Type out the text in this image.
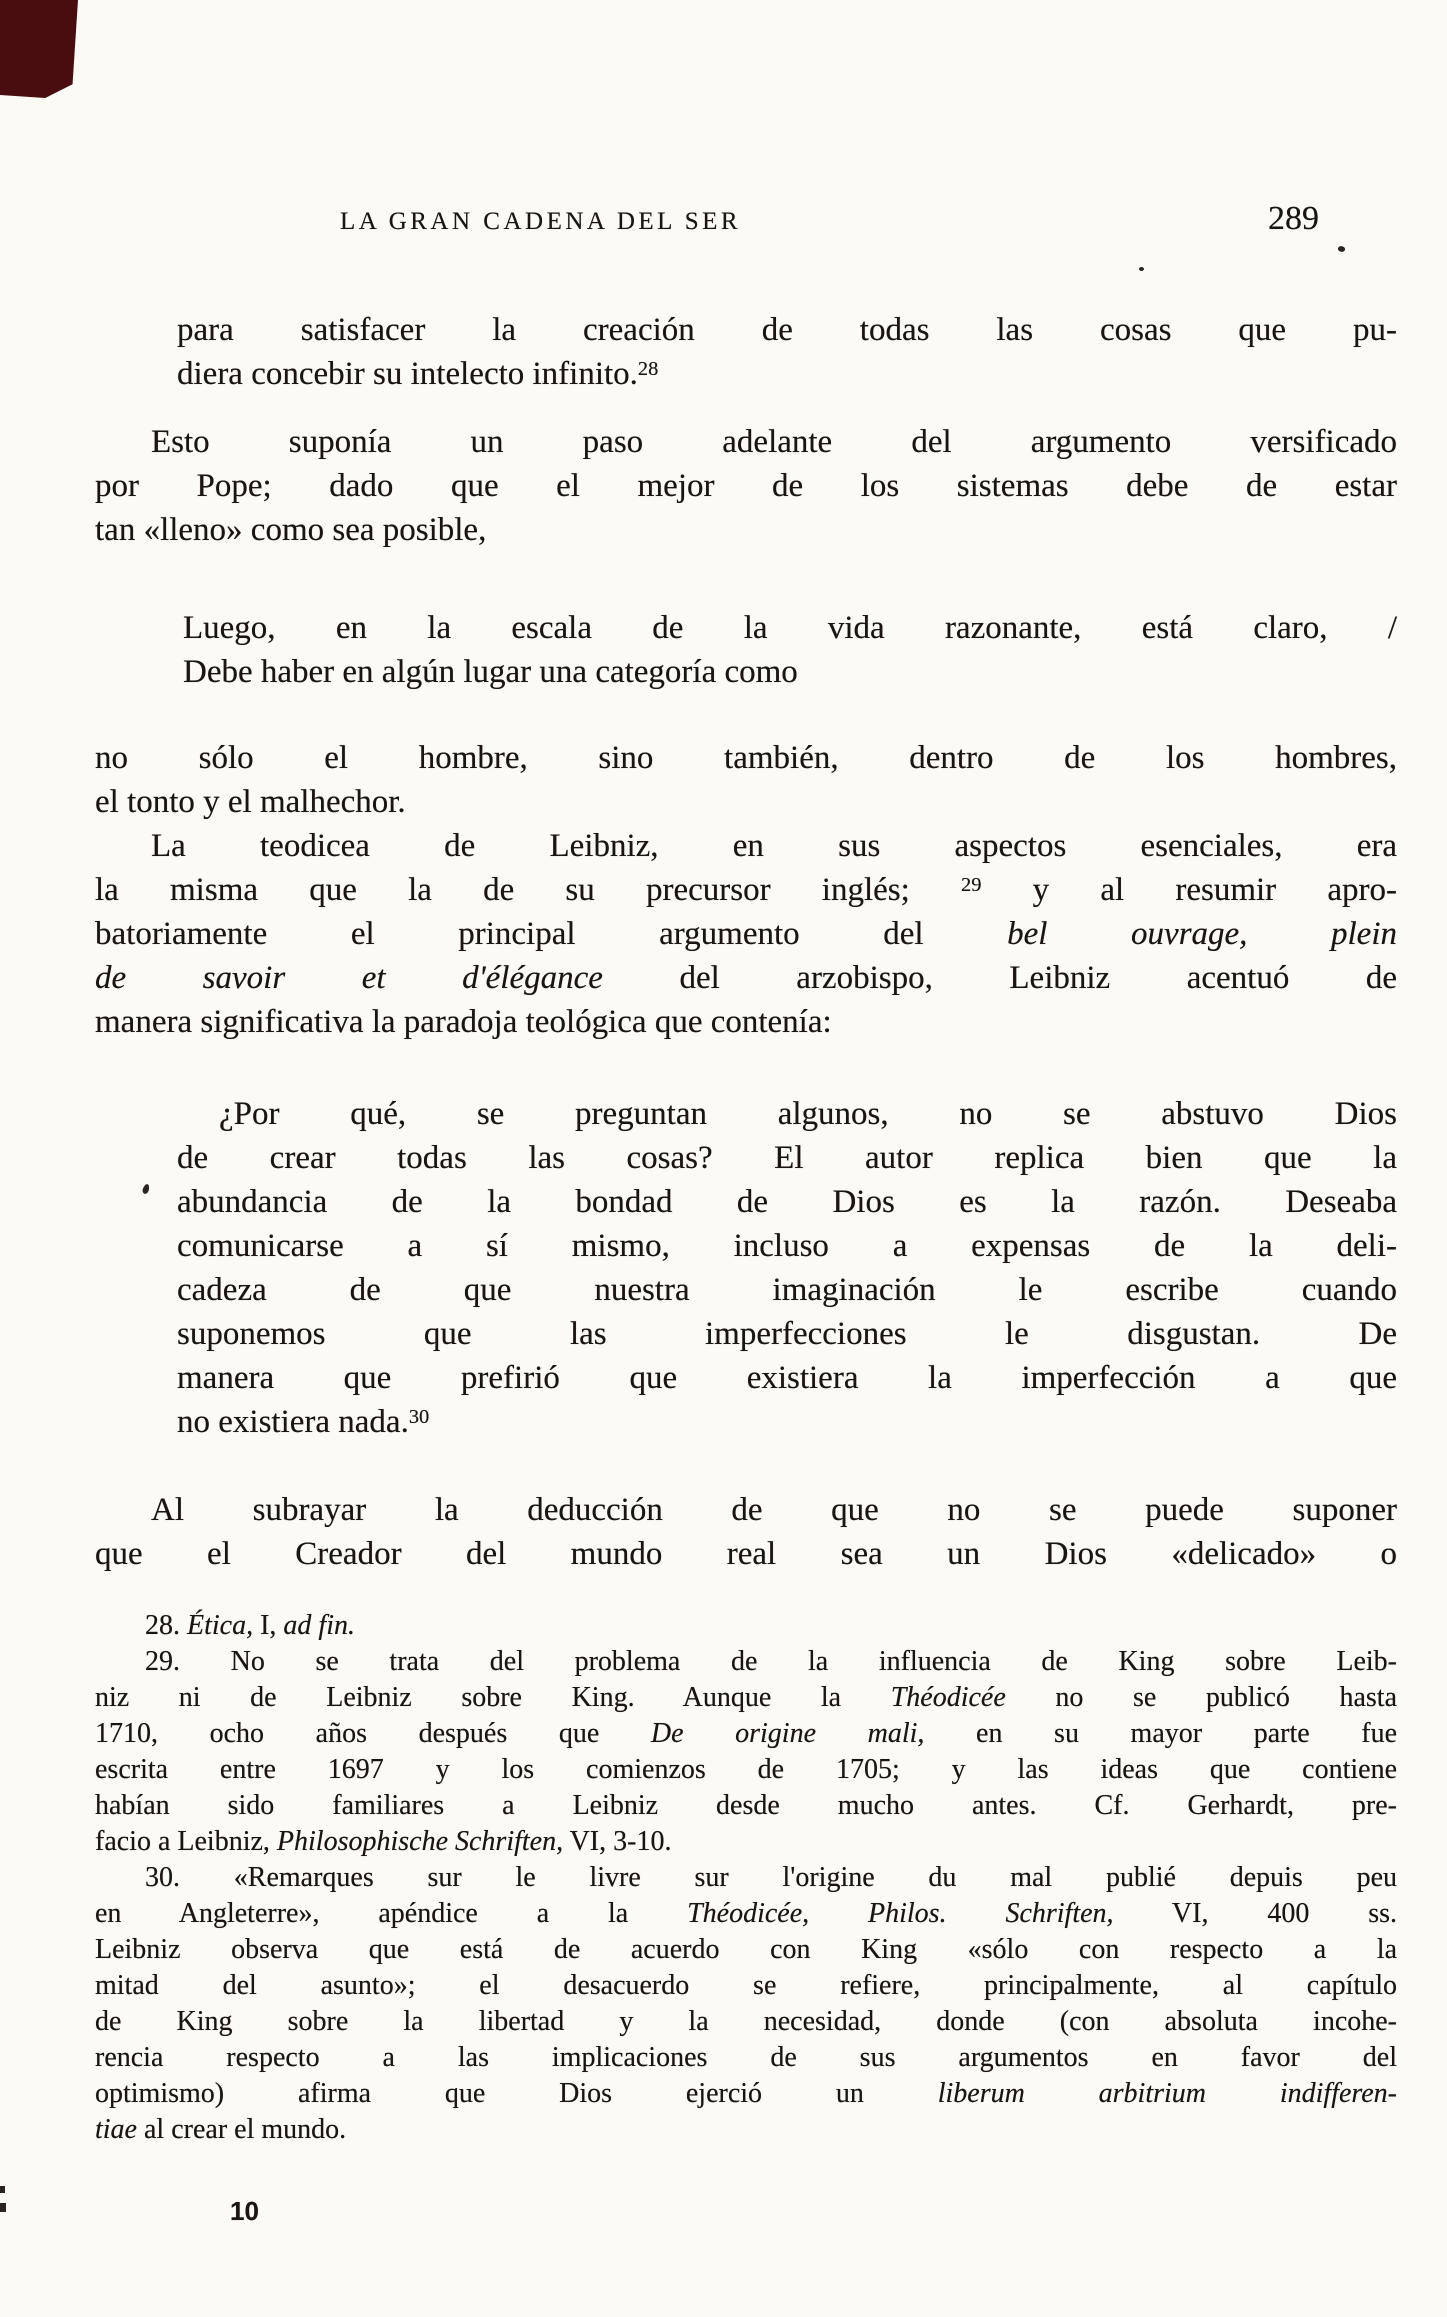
LA GRAN CADENA DEL SER	289
para satisfacer la creación de todas las cosas que pu-
diera concebir su intelecto infinito.$^{28}$
Esto suponía un paso adelante del argumento versificado
por Pope; dado que el mejor de los sistemas debe de estar
tan «lleno» como sea posible,
Luego, en la escala de la vida razonante, está claro, /
Debe haber en algún lugar una categoría como
no sólo el hombre, sino también, dentro de los hombres,
el tonto y el malhechor.
La teodicea de Leibniz, en sus aspectos esenciales, era
la misma que la de su precursor inglés; $^{29}$ y al resumir apro-
batoriamente el principal argumento del bel ouvrage, plein
de savoir et d'élégance del arzobispo, Leibniz acentuó de
manera significativa la paradoja teológica que contenía:
¿Por qué, se preguntan algunos, no se abstuvo Dios
de crear todas las cosas? El autor replica bien que la
abundancia de la bondad de Dios es la razón. Deseaba
comunicarse a sí mismo, incluso a expensas de la deli-
cadeza de que nuestra imaginación le escribe cuando
suponemos que las imperfecciones le disgustan. De
manera que prefirió que existiera la imperfección a que
no existiera nada.$^{30}$
Al subrayar la deducción de que no se puede suponer
que el Creador del mundo real sea un Dios «delicado» o
28. Ética, I, ad fin.
29. No se trata del problema de la influencia de King sobre Leib-
niz ni de Leibniz sobre King. Aunque la Théodicée no se publicó hasta
1710, ocho años después que De origine mali, en su mayor parte fue
escrita entre 1697 y los comienzos de 1705; y las ideas que contiene
habían sido familiares a Leibniz desde mucho antes. Cf. Gerhardt, pre-
facio a Leibniz, Philosophische Schriften, VI, 3-10.
30. «Remarques sur le livre sur l'origine du mal publié depuis peu
en Angleterre», apéndice a la Théodicée, Philos. Schriften, VI, 400 ss.
Leibniz observa que está de acuerdo con King «sólo con respecto a la
mitad del asunto»; el desacuerdo se refiere, principalmente, al capítulo
de King sobre la libertad y la necesidad, donde (con absoluta incohe-
rencia respecto a las implicaciones de sus argumentos en favor del
optimismo) afirma que Dios ejerció un liberum arbitrium indifferen-
tiae al crear el mundo.
10
